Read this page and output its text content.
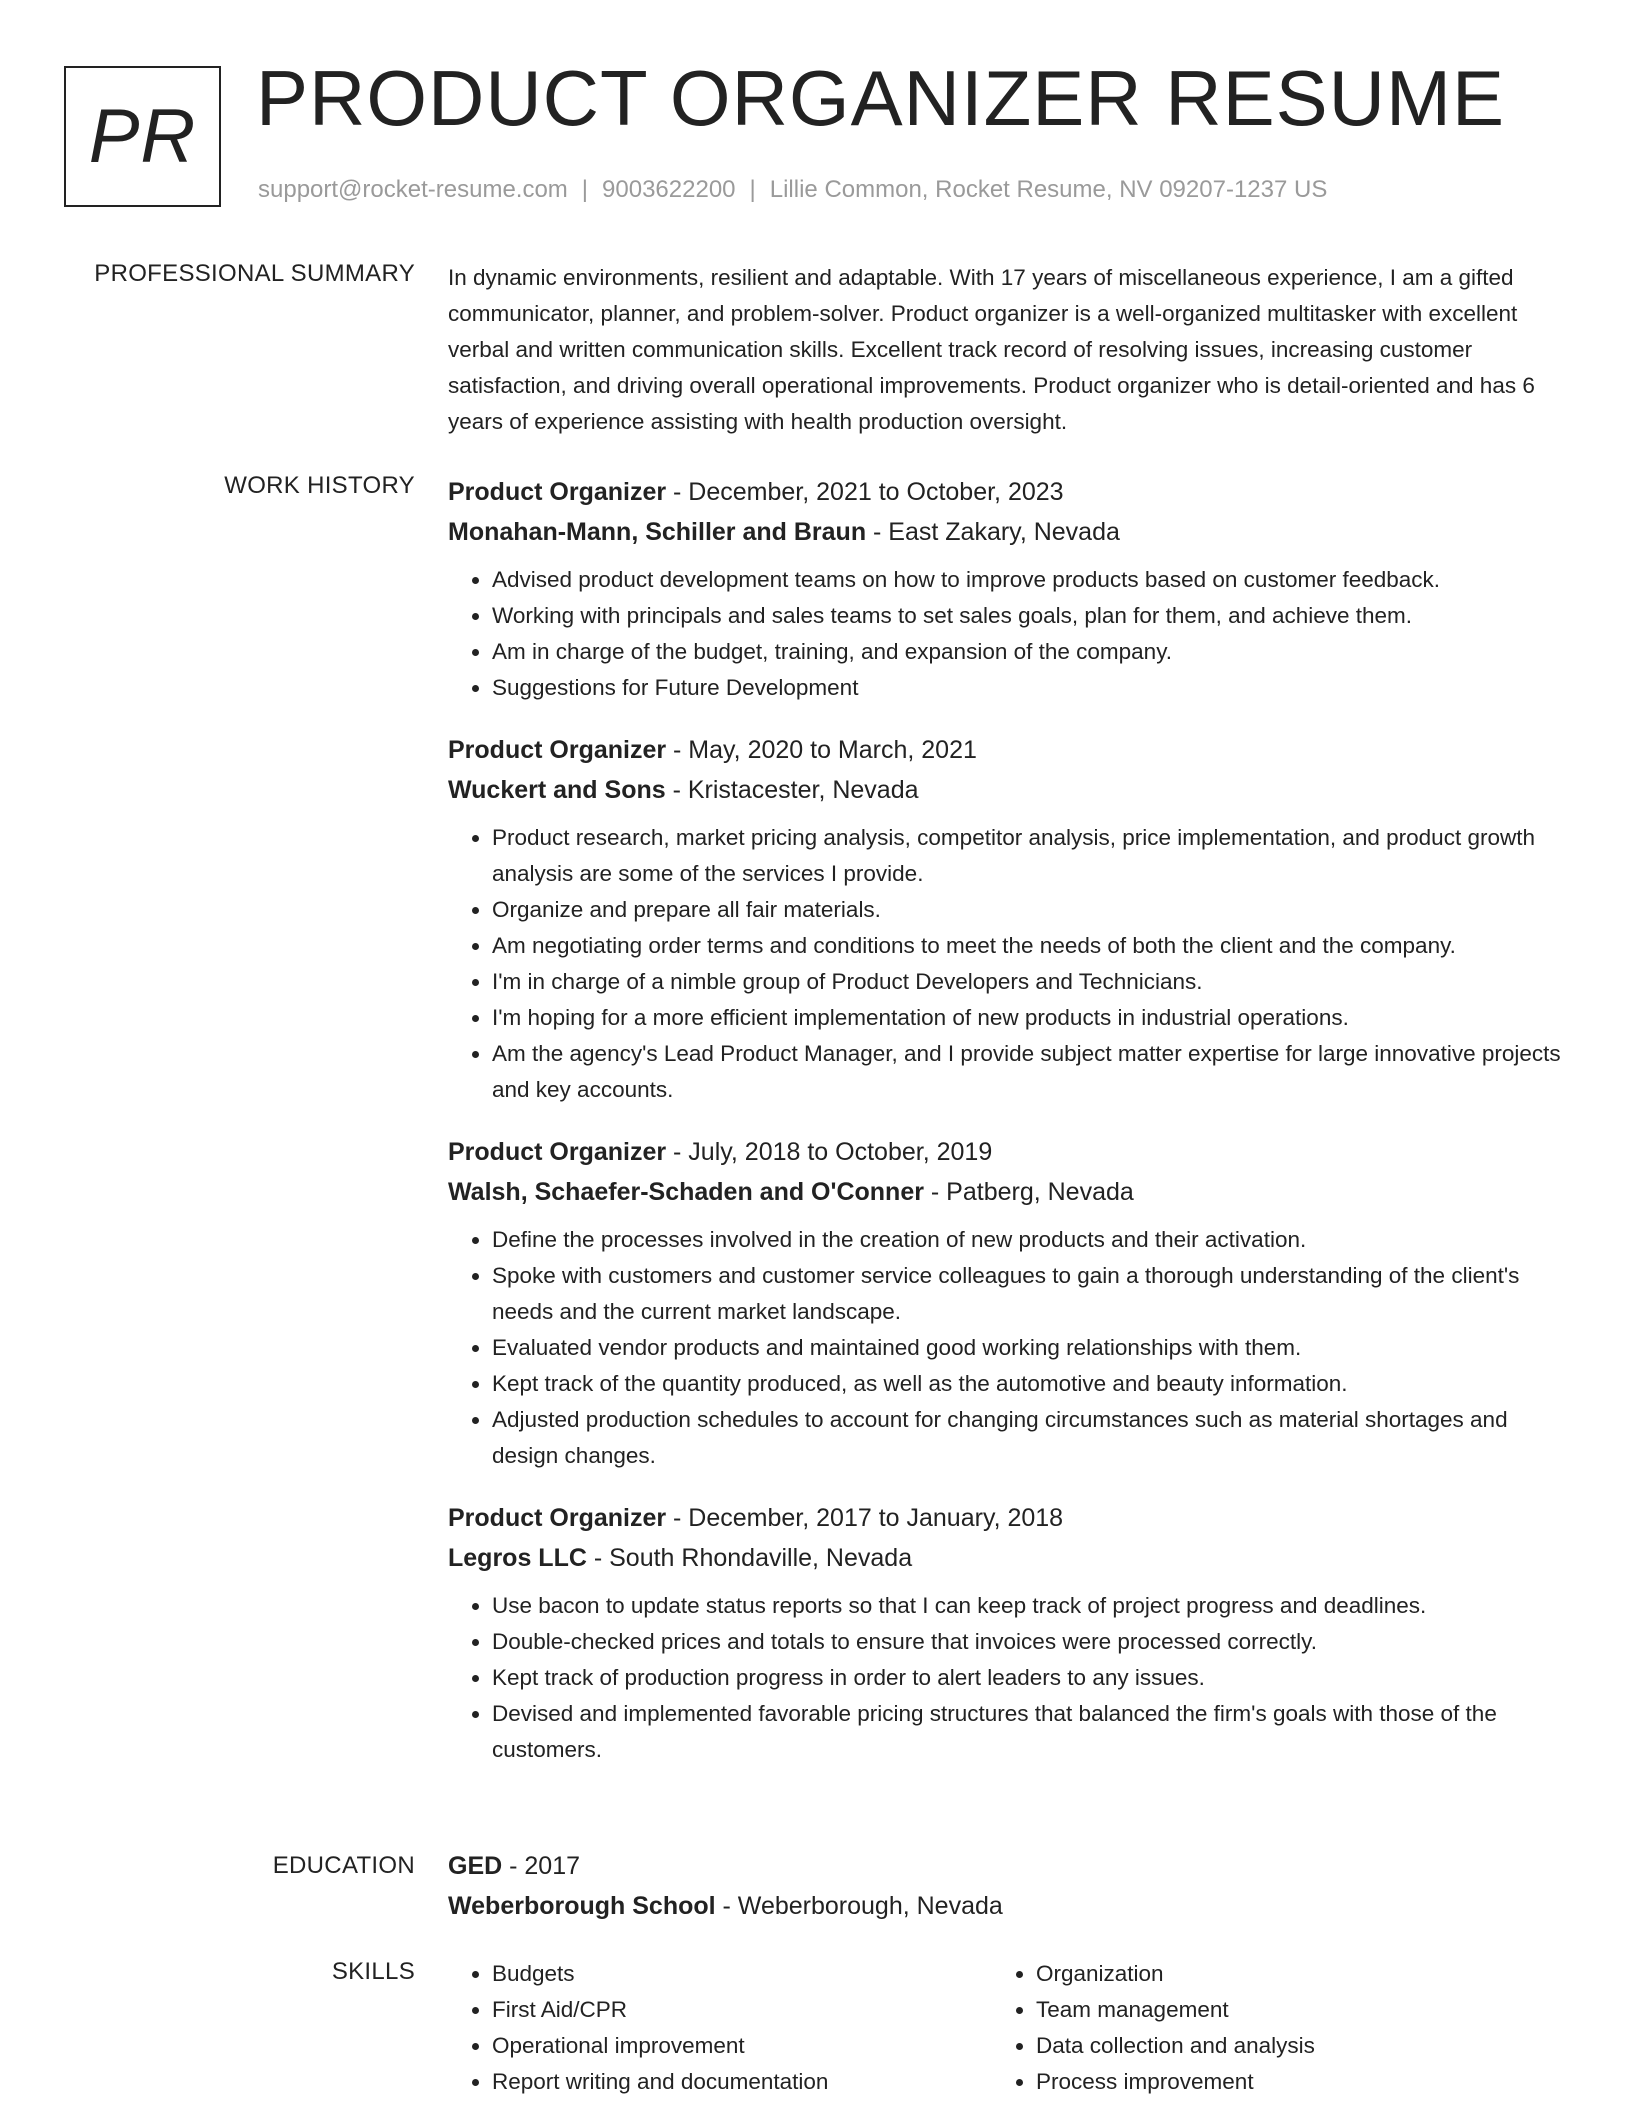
PR PRODUCT ORGANIZER RESUME
support@rocket-resume.com | 9003622200 | Lillie Common, Rocket Resume, NV 09207-1237 US
PROFESSIONAL SUMMARY In dynamic environments, resilient and adaptable. With 17 years of miscellaneous experience, I am a gifted communicator, planner, and problem-solver. Product organizer is a well-organized multitasker with excellent verbal and written communication skills. Excellent track record of resolving issues, increasing customer satisfaction, and driving overall operational improvements. Product organizer who is detail-oriented and has 6 years of experience assisting with health production oversight.

WORK HISTORY Product Organizer - December, 2021 to October, 2023
Monahan-Mann, Schiller and Braun - East Zakary, Nevada
• Advised product development teams on how to improve products based on customer feedback.
• Working with principals and sales teams to set sales goals, plan for them, and achieve them.
• Am in charge of the budget, training, and expansion of the company.
• Suggestions for Future Development
Product Organizer - May, 2020 to March, 2021
Wuckert and Sons - Kristacester, Nevada
• Product research, market pricing analysis, competitor analysis, price implementation, and product growth analysis are some of the services I provide.
• Organize and prepare all fair materials.
• Am negotiating order terms and conditions to meet the needs of both the client and the company.
• I'm in charge of a nimble group of Product Developers and Technicians.
• I'm hoping for a more efficient implementation of new products in industrial operations.
• Am the agency's Lead Product Manager, and I provide subject matter expertise for large innovative projects and key accounts.
Product Organizer - July, 2018 to October, 2019
Walsh, Schaefer-Schaden and O'Conner - Patberg, Nevada
• Define the processes involved in the creation of new products and their activation.
• Spoke with customers and customer service colleagues to gain a thorough understanding of the client's needs and the current market landscape.
• Evaluated vendor products and maintained good working relationships with them.
• Kept track of the quantity produced, as well as the automotive and beauty information.
• Adjusted production schedules to account for changing circumstances such as material shortages and design changes.
Product Organizer - December, 2017 to January, 2018
Legros LLC - South Rhondaville, Nevada
• Use bacon to update status reports so that I can keep track of project progress and deadlines.
• Double-checked prices and totals to ensure that invoices were processed correctly.
• Kept track of production progress in order to alert leaders to any issues.
• Devised and implemented favorable pricing structures that balanced the firm's goals with those of the customers.
EDUCATION GED - 2017
Weberborough School - Weberborough, Nevada
SKILLS
•	Budgets
• First Aid/CPR
• Operational improvement
• Report writing and documentation
• Organization
• Team management
• Data collection and analysis
• Process improvement
